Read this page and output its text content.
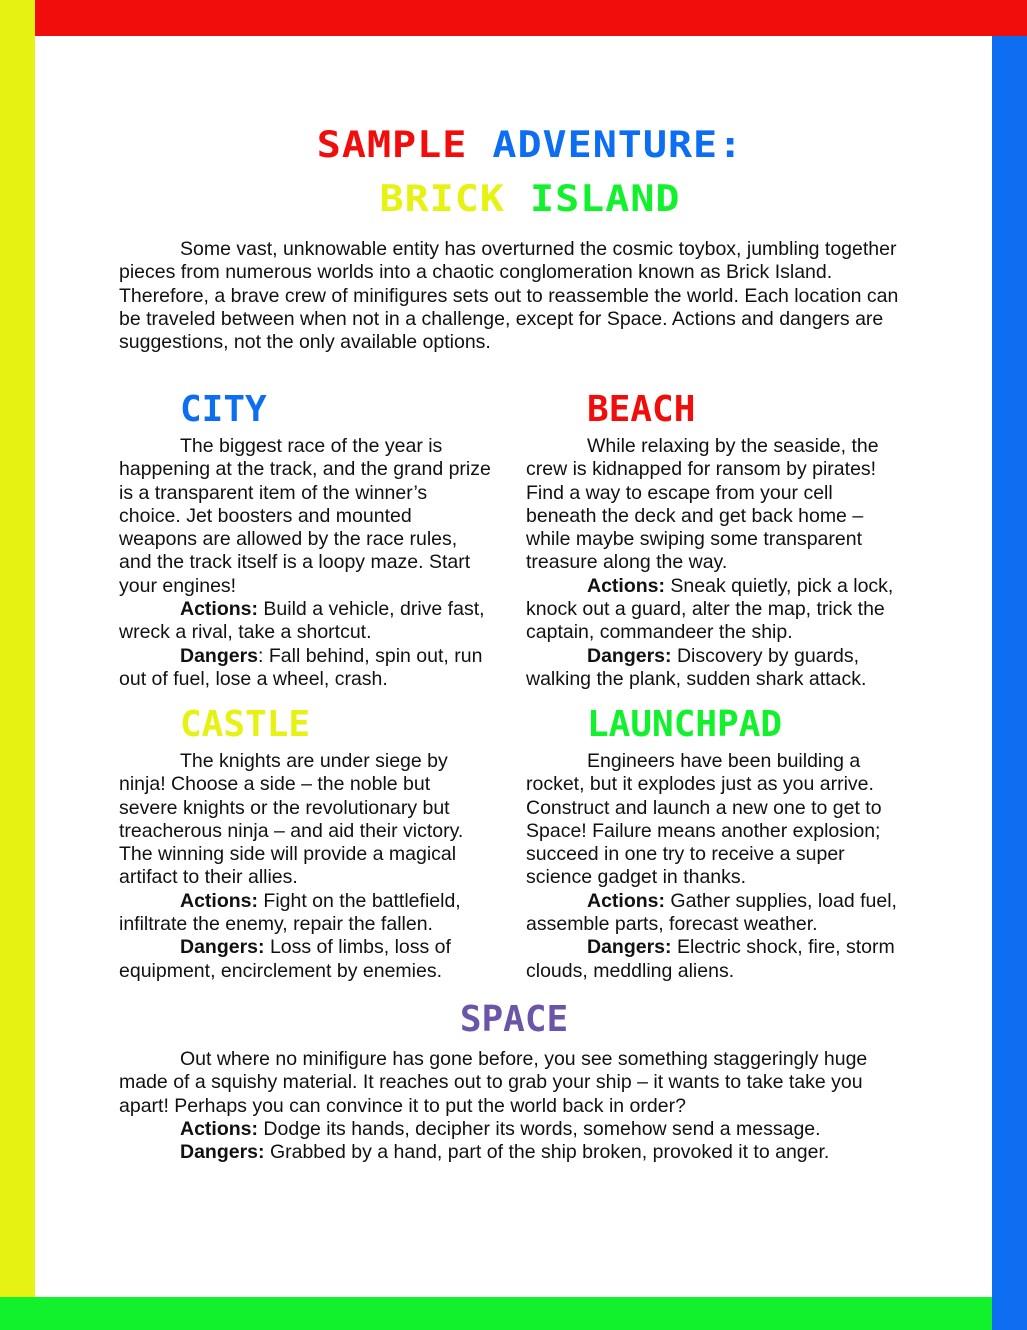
SAMPLE ADVENTURE:
BRICK ISLAND

Some vast, unknowable entity has overturned the cosmic toybox, jumbling together pieces from numerous worlds into a chaotic conglomeration known as Brick Island. Therefore, a brave crew of minifigures sets out to reassemble the world. Each location can be traveled between when not in a challenge, except for Space. Actions and dangers are suggestions, not the only available options.

CITY

The biggest race of the year is happening at the track, and the grand prize is a transparent item of the winner’s choice. Jet boosters and mounted weapons are allowed by the race rules, and the track itself is a loopy maze. Start your engines!

Actions: Build a vehicle, drive fast, wreck a rival, take a shortcut.

Dangers: Fall behind, spin out, run out of fuel, lose a wheel, crash.

BEACH

While relaxing by the seaside, the crew is kidnapped for ransom by pirates! Find a way to escape from your cell beneath the deck and get back home – while maybe swiping some transparent treasure along the way.

Actions: Sneak quietly, pick a lock, knock out a guard, alter the map, trick the captain, commandeer the ship.

Dangers: Discovery by guards, walking the plank, sudden shark attack.

CASTLE

The knights are under siege by ninja! Choose a side – the noble but severe knights or the revolutionary but treacherous ninja – and aid their victory. The winning side will provide a magical artifact to their allies.

Actions: Fight on the battlefield, infiltrate the enemy, repair the fallen.

Dangers: Loss of limbs, loss of equipment, encirclement by enemies.

LAUNCHPAD

Engineers have been building a rocket, but it explodes just as you arrive. Construct and launch a new one to get to Space! Failure means another explosion; succeed in one try to receive a super science gadget in thanks.

Actions: Gather supplies, load fuel, assemble parts, forecast weather.

Dangers: Electric shock, fire, storm clouds, meddling aliens.

SPACE

Out where no minifigure has gone before, you see something staggeringly huge made of a squishy material. It reaches out to grab your ship – it wants to take take you apart! Perhaps you can convince it to put the world back in order?

Actions: Dodge its hands, decipher its words, somehow send a message.

Dangers: Grabbed by a hand, part of the ship broken, provoked it to anger.
